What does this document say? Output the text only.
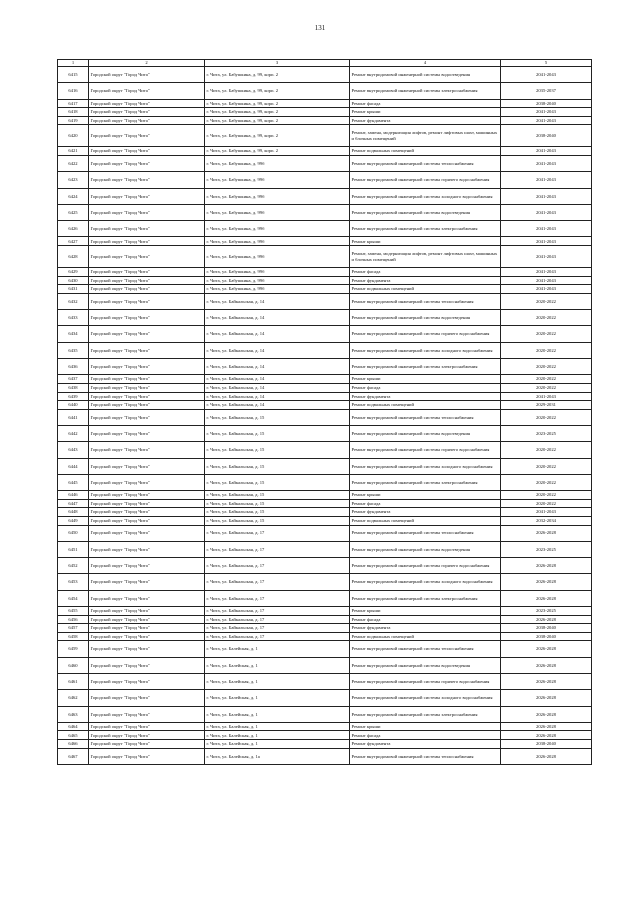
131
1	2	3	4	5
6415	Городской округ "Город Чита"	г. Чита, ул. Бабушкина, д. 99, корп. 2	Ремонт внутридомовой инженерной системы водоотведения	2041-2043
6416	Городской округ "Город Чита"	г. Чита, ул. Бабушкина, д. 99, корп. 2	Ремонт внутридомовой инженерной системы электроснабжения	2035-2037
6417	Городской округ "Город Чита"	г. Чита, ул. Бабушкина, д. 99, корп. 2	Ремонт фасада	2038-2040
6418	Городской округ "Город Чита"	г. Чита, ул. Бабушкина, д. 99, корп. 2	Ремонт крыши	2041-2043
6419	Городской округ "Город Чита"	г. Чита, ул. Бабушкина, д. 99, корп. 2	Ремонт фундамента	2041-2043
6420	Городской округ "Город Чита"	г. Чита, ул. Бабушкина, д. 99, корп. 2	Ремонт, замена, модернизация лифтов, ремонт лифтовых шахт, машинных и блочных помещений	2038-2040
6421	Городской округ "Город Чита"	г. Чита, ул. Бабушкина, д. 99, корп. 2	Ремонт подвальных помещений	2041-2043
6422	Городской округ "Город Чита"	г. Чита, ул. Бабушкина, д. 99б	Ремонт внутридомовой инженерной системы теплоснабжения	2041-2043
6423	Городской округ "Город Чита"	г. Чита, ул. Бабушкина, д. 99б	Ремонт внутридомовой инженерной системы горячего водоснабжения	2041-2043
6424	Городской округ "Город Чита"	г. Чита, ул. Бабушкина, д. 99б	Ремонт внутридомовой инженерной системы холодного водоснабжения	2041-2043
6425	Городской округ "Город Чита"	г. Чита, ул. Бабушкина, д. 99б	Ремонт внутридомовой инженерной системы водоотведения	2041-2043
6426	Городской округ "Город Чита"	г. Чита, ул. Бабушкина, д. 99б	Ремонт внутридомовой инженерной системы электроснабжения	2041-2043
6427	Городской округ "Город Чита"	г. Чита, ул. Бабушкина, д. 99б	Ремонт крыши	2041-2043
6428	Городской округ "Город Чита"	г. Чита, ул. Бабушкина, д. 99б	Ремонт, замена, модернизация лифтов, ремонт лифтовых шахт, машинных и блочных помещений	2041-2043
6429	Городской округ "Город Чита"	г. Чита, ул. Бабушкина, д. 99б	Ремонт фасада	2041-2043
6430	Городской округ "Город Чита"	г. Чита, ул. Бабушкина, д. 99б	Ремонт фундамента	2041-2043
6431	Городской округ "Город Чита"	г. Чита, ул. Бабушкина, д. 99б	Ремонт подвальных помещений	2041-2043
6432	Городской округ "Город Чита"	г. Чита, ул. Байкальская, д. 14	Ремонт внутридомовой инженерной системы теплоснабжения	2020-2022
6433	Городской округ "Город Чита"	г. Чита, ул. Байкальская, д. 14	Ремонт внутридомовой инженерной системы водоотведения	2020-2022
6434	Городской округ "Город Чита"	г. Чита, ул. Байкальская, д. 14	Ремонт внутридомовой инженерной системы горячего водоснабжения	2020-2022
6435	Городской округ "Город Чита"	г. Чита, ул. Байкальская, д. 14	Ремонт внутридомовой инженерной системы холодного водоснабжения	2020-2022
6436	Городской округ "Город Чита"	г. Чита, ул. Байкальская, д. 14	Ремонт внутридомовой инженерной системы электроснабжения	2020-2022
6437	Городской округ "Город Чита"	г. Чита, ул. Байкальская, д. 14	Ремонт крыши	2020-2022
6438	Городской округ "Город Чита"	г. Чита, ул. Байкальская, д. 14	Ремонт фасада	2020-2022
6439	Городской округ "Город Чита"	г. Чита, ул. Байкальская, д. 14	Ремонт фундамента	2041-2043
6440	Городской округ "Город Чита"	г. Чита, ул. Байкальская, д. 14	Ремонт подвальных помещений	2029-2031
6441	Городской округ "Город Чита"	г. Чита, ул. Байкальская, д. 15	Ремонт внутридомовой инженерной системы теплоснабжения	2020-2022
6442	Городской округ "Город Чита"	г. Чита, ул. Байкальская, д. 15	Ремонт внутридомовой инженерной системы водоотведения	2023-2025
6443	Городской округ "Город Чита"	г. Чита, ул. Байкальская, д. 15	Ремонт внутридомовой инженерной системы горячего водоснабжения	2020-2022
6444	Городской округ "Город Чита"	г. Чита, ул. Байкальская, д. 15	Ремонт внутридомовой инженерной системы холодного водоснабжения	2020-2022
6445	Городской округ "Город Чита"	г. Чита, ул. Байкальская, д. 15	Ремонт внутридомовой инженерной системы электроснабжения	2020-2022
6446	Городской округ "Город Чита"	г. Чита, ул. Байкальская, д. 15	Ремонт крыши	2020-2022
6447	Городской округ "Город Чита"	г. Чита, ул. Байкальская, д. 15	Ремонт фасада	2020-2022
6448	Городской округ "Город Чита"	г. Чита, ул. Байкальская, д. 15	Ремонт фундамента	2041-2043
6449	Городской округ "Город Чита"	г. Чита, ул. Байкальская, д. 15	Ремонт подвальных помещений	2032-2034
6450	Городской округ "Город Чита"	г. Чита, ул. Байкальская, д. 17	Ремонт внутридомовой инженерной системы теплоснабжения	2026-2028
6451	Городской округ "Город Чита"	г. Чита, ул. Байкальская, д. 17	Ремонт внутридомовой инженерной системы водоотведения	2023-2025
6452	Городской округ "Город Чита"	г. Чита, ул. Байкальская, д. 17	Ремонт внутридомовой инженерной системы горячего водоснабжения	2026-2028
6453	Городской округ "Город Чита"	г. Чита, ул. Байкальская, д. 17	Ремонт внутридомовой инженерной системы холодного водоснабжения	2026-2028
6454	Городской округ "Город Чита"	г. Чита, ул. Байкальская, д. 17	Ремонт внутридомовой инженерной системы электроснабжения	2026-2028
6455	Городской округ "Город Чита"	г. Чита, ул. Байкальская, д. 17	Ремонт крыши	2023-2025
6456	Городской округ "Город Чита"	г. Чита, ул. Байкальская, д. 17	Ремонт фасада	2026-2028
6457	Городской округ "Город Чита"	г. Чита, ул. Байкальская, д. 17	Ремонт фундамента	2038-2040
6458	Городской округ "Город Чита"	г. Чита, ул. Байкальская, д. 17	Ремонт подвальных помещений	2038-2040
6459	Городской округ "Город Чита"	г. Чита, ул. Балейская, д. 1	Ремонт внутридомовой инженерной системы теплоснабжения	2026-2028
6460	Городской округ "Город Чита"	г. Чита, ул. Балейская, д. 1	Ремонт внутридомовой инженерной системы водоотведения	2026-2028
6461	Городской округ "Город Чита"	г. Чита, ул. Балейская, д. 1	Ремонт внутридомовой инженерной системы горячего водоснабжения	2026-2028
6462	Городской округ "Город Чита"	г. Чита, ул. Балейская, д. 1	Ремонт внутридомовой инженерной системы холодного водоснабжения	2026-2028
6463	Городской округ "Город Чита"	г. Чита, ул. Балейская, д. 1	Ремонт внутридомовой инженерной системы электроснабжения	2026-2028
6464	Городской округ "Город Чита"	г. Чита, ул. Балейская, д. 1	Ремонт крыши	2026-2028
6465	Городской округ "Город Чита"	г. Чита, ул. Балейская, д. 1	Ремонт фасада	2026-2028
6466	Городской округ "Город Чита"	г. Чита, ул. Балейская, д. 1	Ремонт фундамента	2038-2040
6467	Городской округ "Город Чита"	г. Чита, ул. Балейская, д. 1а	Ремонт внутридомовой инженерной системы теплоснабжения	2026-2028
